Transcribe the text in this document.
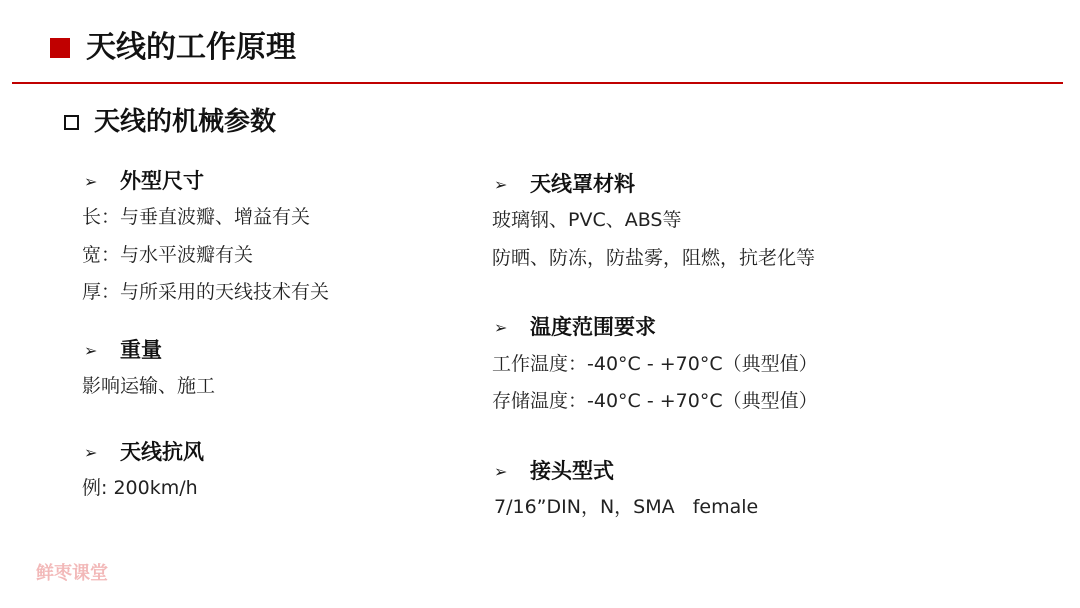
天线的工作原理
天线的机械参数
➢ 外型尺寸
长：与垂直波瓣、增益有关
宽：与水平波瓣有关
厚：与所采用的天线技术有关
➢ 重量
影响运输、施工
➢ 天线抗风
例: 200km/h
➢ 天线罩材料
玻璃钢、PVC、ABS等
防晒、防冻，防盐雾，阻燃，抗老化等
➢ 温度范围要求
工作温度：-40°C - +70°C（典型值）
存储温度：-40°C - +70°C（典型值）
➢ 接头型式
7/16”DIN，N，SMA   female
鲜枣课堂
